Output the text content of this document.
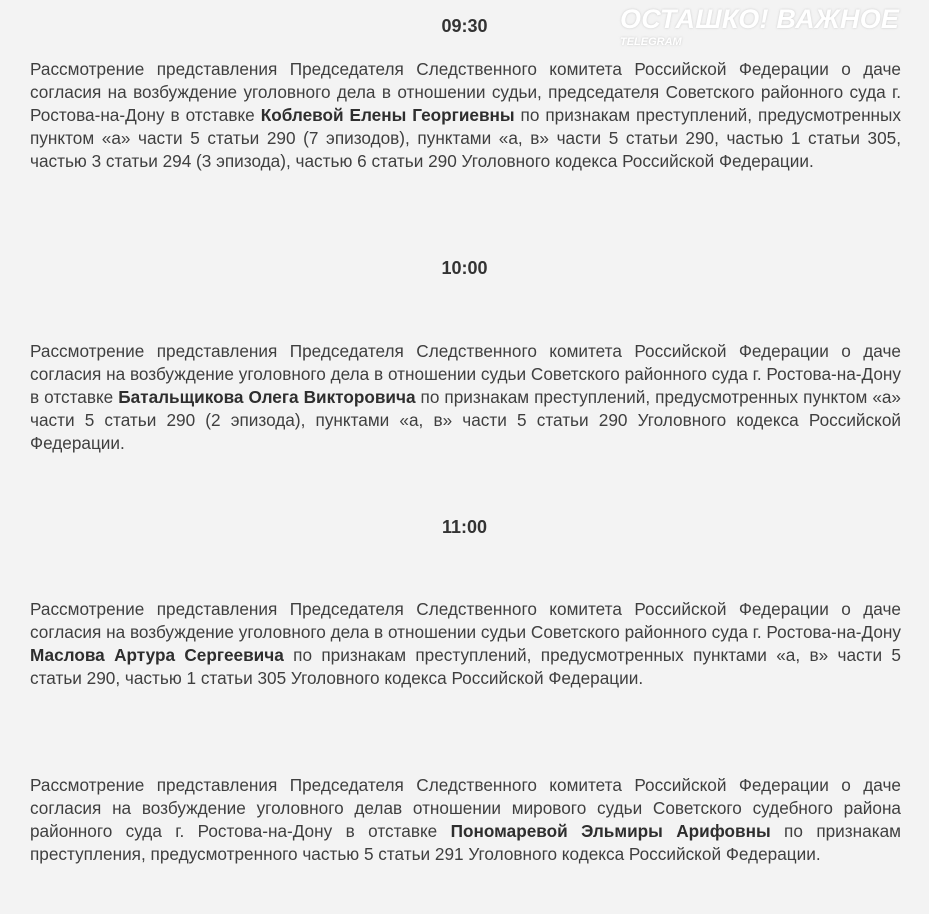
ОСТАШКО! ВАЖНОЕ
TELEGRAM
09:30
Рассмотрение представления Председателя Следственного комитета Российской Федерации о даче согласия на возбуждение уголовного дела в отношении судьи, председателя Советского районного суда г. Ростова-на-Дону в отставке Коблевой Елены Георгиевны по признакам преступлений, предусмотренных пунктом «а» части 5 статьи 290 (7 эпизодов), пунктами «а, в» части 5 статьи 290, частью 1 статьи 305, частью 3 статьи 294 (3 эпизода), частью 6 статьи 290 Уголовного кодекса Российской Федерации.
10:00
Рассмотрение представления Председателя Следственного комитета Российской Федерации о даче согласия на возбуждение уголовного дела в отношении судьи Советского районного суда г. Ростова-на-Дону в отставке Батальщикова Олега Викторовича по признакам преступлений, предусмотренных пунктом «а» части 5 статьи 290 (2 эпизода), пунктами «а, в» части 5 статьи 290 Уголовного кодекса Российской Федерации.
11:00
Рассмотрение представления Председателя Следственного комитета Российской Федерации о даче согласия на возбуждение уголовного дела в отношении судьи Советского районного суда г. Ростова-на-Дону Маслова Артура Сергеевича по признакам преступлений, предусмотренных пунктами «а, в» части 5 статьи 290, частью 1 статьи 305 Уголовного кодекса Российской Федерации.
Рассмотрение представления Председателя Следственного комитета Российской Федерации о даче согласия на возбуждение уголовного делав отношении мирового судьи Советского судебного района районного суда г. Ростова-на-Дону в отставке Пономаревой Эльмиры Арифовны по признакам преступления, предусмотренного частью 5 статьи 291 Уголовного кодекса Российской Федерации.
